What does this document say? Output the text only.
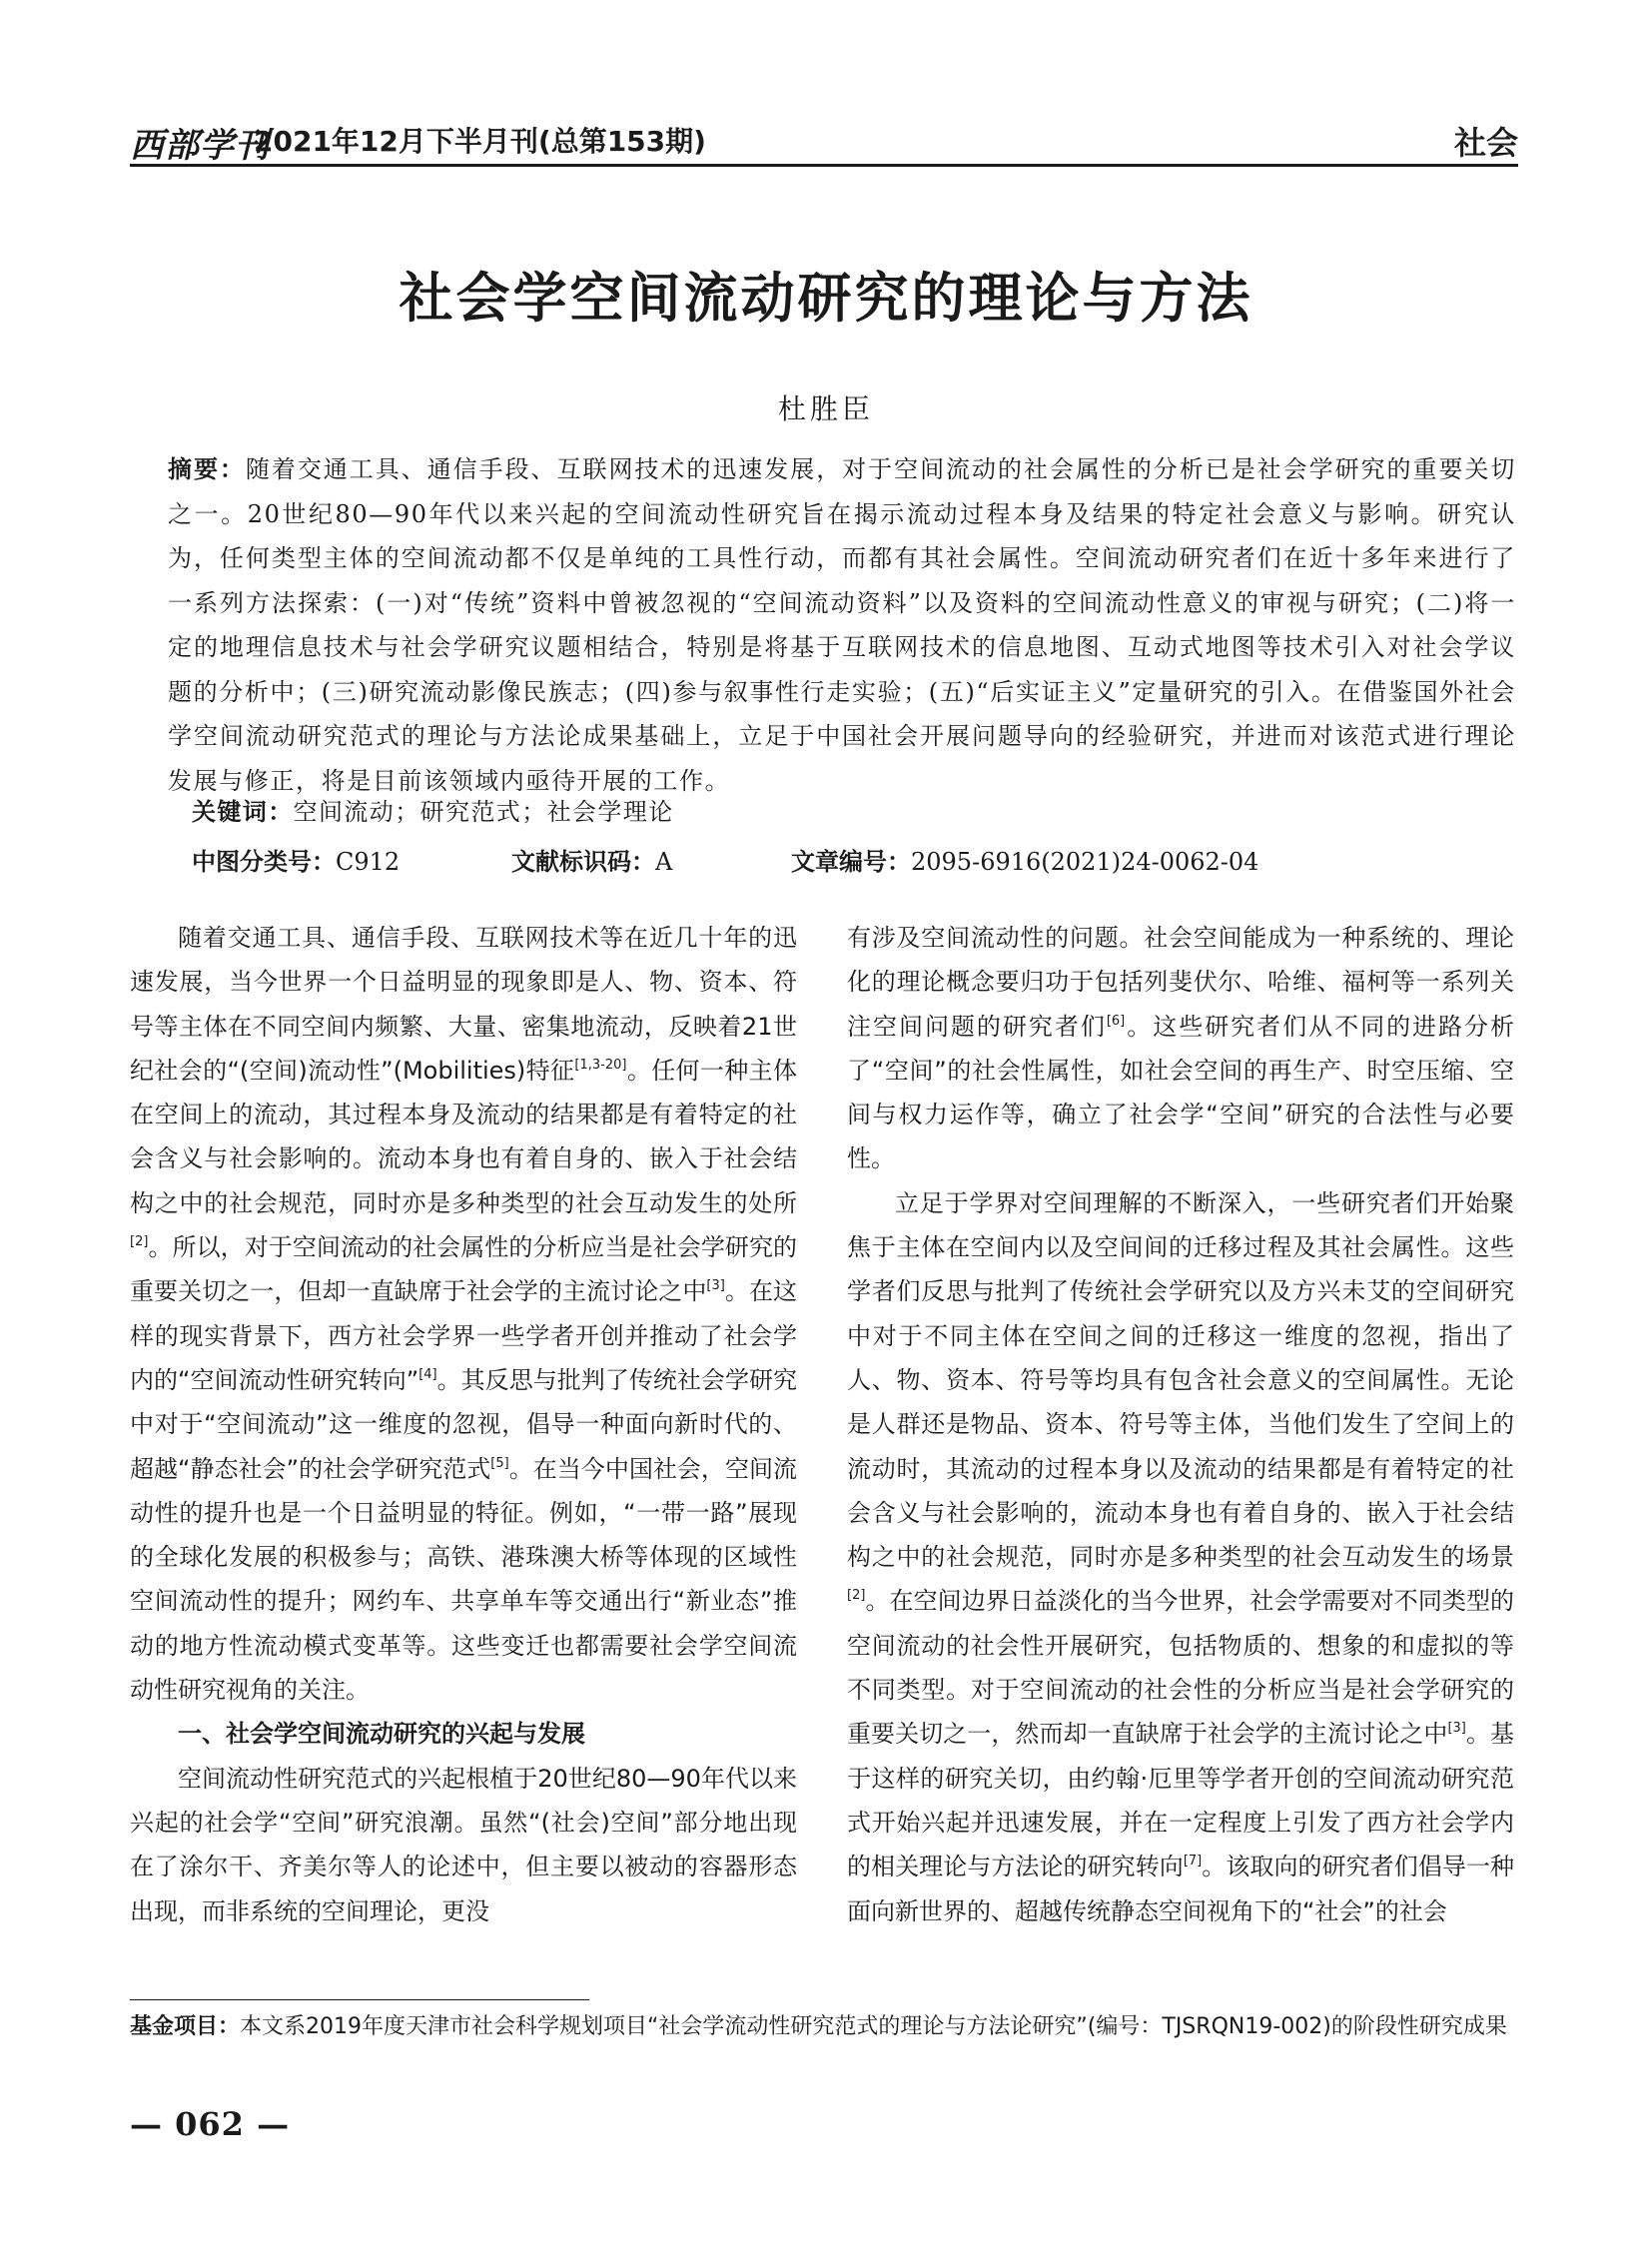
西部学刊
2021年12月下半月刊(总第153期)	社会
社会学空间流动研究的理论与方法
杜胜臣
摘要：随着交通工具、通信手段、互联网技术的迅速发展，对于空间流动的社会属性的分析已是社会学研究的重要关切之一。20世纪80—90年代以来兴起的空间流动性研究旨在揭示流动过程本身及结果的特定社会意义与影响。研究认为，任何类型主体的空间流动都不仅是单纯的工具性行动，而都有其社会属性。空间流动研究者们在近十多年来进行了一系列方法探索：(一)对“传统”资料中曾被忽视的“空间流动资料”以及资料的空间流动性意义的审视与研究；(二)将一定的地理信息技术与社会学研究议题相结合，特别是将基于互联网技术的信息地图、互动式地图等技术引入对社会学议题的分析中；(三)研究流动影像民族志；(四)参与叙事性行走实验；(五)“后实证主义”定量研究的引入。在借鉴国外社会学空间流动研究范式的理论与方法论成果基础上，立足于中国社会开展问题导向的经验研究，并进而对该范式进行理论发展与修正，将是目前该领域内亟待开展的工作。
关键词：空间流动；研究范式；社会学理论
中图分类号：C912	文献标识码：A	文章编号：2095-6916(2021)24-0062-04

随着交通工具、通信手段、互联网技术等在近几十年的迅速发展，当今世界一个日益明显的现象即是人、物、资本、符号等主体在不同空间内频繁、大量、密集地流动，反映着21世纪社会的“(空间)流动性”(Mobilities)特征[1,3-20]。任何一种主体在空间上的流动，其过程本身及流动的结果都是有着特定的社会含义与社会影响的。流动本身也有着自身的、嵌入于社会结构之中的社会规范，同时亦是多种类型的社会互动发生的处所[2]。所以，对于空间流动的社会属性的分析应当是社会学研究的重要关切之一，但却一直缺席于社会学的主流讨论之中[3]。在这样的现实背景下，西方社会学界一些学者开创并推动了社会学内的“空间流动性研究转向”[4]。其反思与批判了传统社会学研究中对于“空间流动”这一维度的忽视，倡导一种面向新时代的、超越“静态社会”的社会学研究范式[5]。在当今中国社会，空间流动性的提升也是一个日益明显的特征。例如，“一带一路”展现的全球化发展的积极参与；高铁、港珠澳大桥等体现的区域性空间流动性的提升；网约车、共享单车等交通出行“新业态”推动的地方性流动模式变革等。这些变迁也都需要社会学空间流动性研究视角的关注。

一、社会学空间流动研究的兴起与发展

空间流动性研究范式的兴起根植于20世纪80—90年代以来兴起的社会学“空间”研究浪潮。虽然“(社会)空间”部分地出现在了涂尔干、齐美尔等人的论述中，但主要以被动的容器形态出现，而非系统的空间理论，更没

有涉及空间流动性的问题。社会空间能成为一种系统的、理论化的理论概念要归功于包括列斐伏尔、哈维、福柯等一系列关注空间问题的研究者们[6]。这些研究者们从不同的进路分析了“空间”的社会性属性，如社会空间的再生产、时空压缩、空间与权力运作等，确立了社会学“空间”研究的合法性与必要性。

立足于学界对空间理解的不断深入，一些研究者们开始聚焦于主体在空间内以及空间间的迁移过程及其社会属性。这些学者们反思与批判了传统社会学研究以及方兴未艾的空间研究中对于不同主体在空间之间的迁移这一维度的忽视，指出了人、物、资本、符号等均具有包含社会意义的空间属性。无论是人群还是物品、资本、符号等主体，当他们发生了空间上的流动时，其流动的过程本身以及流动的结果都是有着特定的社会含义与社会影响的，流动本身也有着自身的、嵌入于社会结构之中的社会规范，同时亦是多种类型的社会互动发生的场景[2]。在空间边界日益淡化的当今世界，社会学需要对不同类型的空间流动的社会性开展研究，包括物质的、想象的和虚拟的等不同类型。对于空间流动的社会性的分析应当是社会学研究的重要关切之一，然而却一直缺席于社会学的主流讨论之中[3]。基于这样的研究关切，由约翰·厄里等学者开创的空间流动研究范式开始兴起并迅速发展，并在一定程度上引发了西方社会学内的相关理论与方法论的研究转向[7]。该取向的研究者们倡导一种面向新世界的、超越传统静态空间视角下的“社会”的社会

基金项目：本文系2019年度天津市社会科学规划项目“社会学流动性研究范式的理论与方法论研究”(编号：TJSRQN19-002)的阶段性研究成果
— 062 —
